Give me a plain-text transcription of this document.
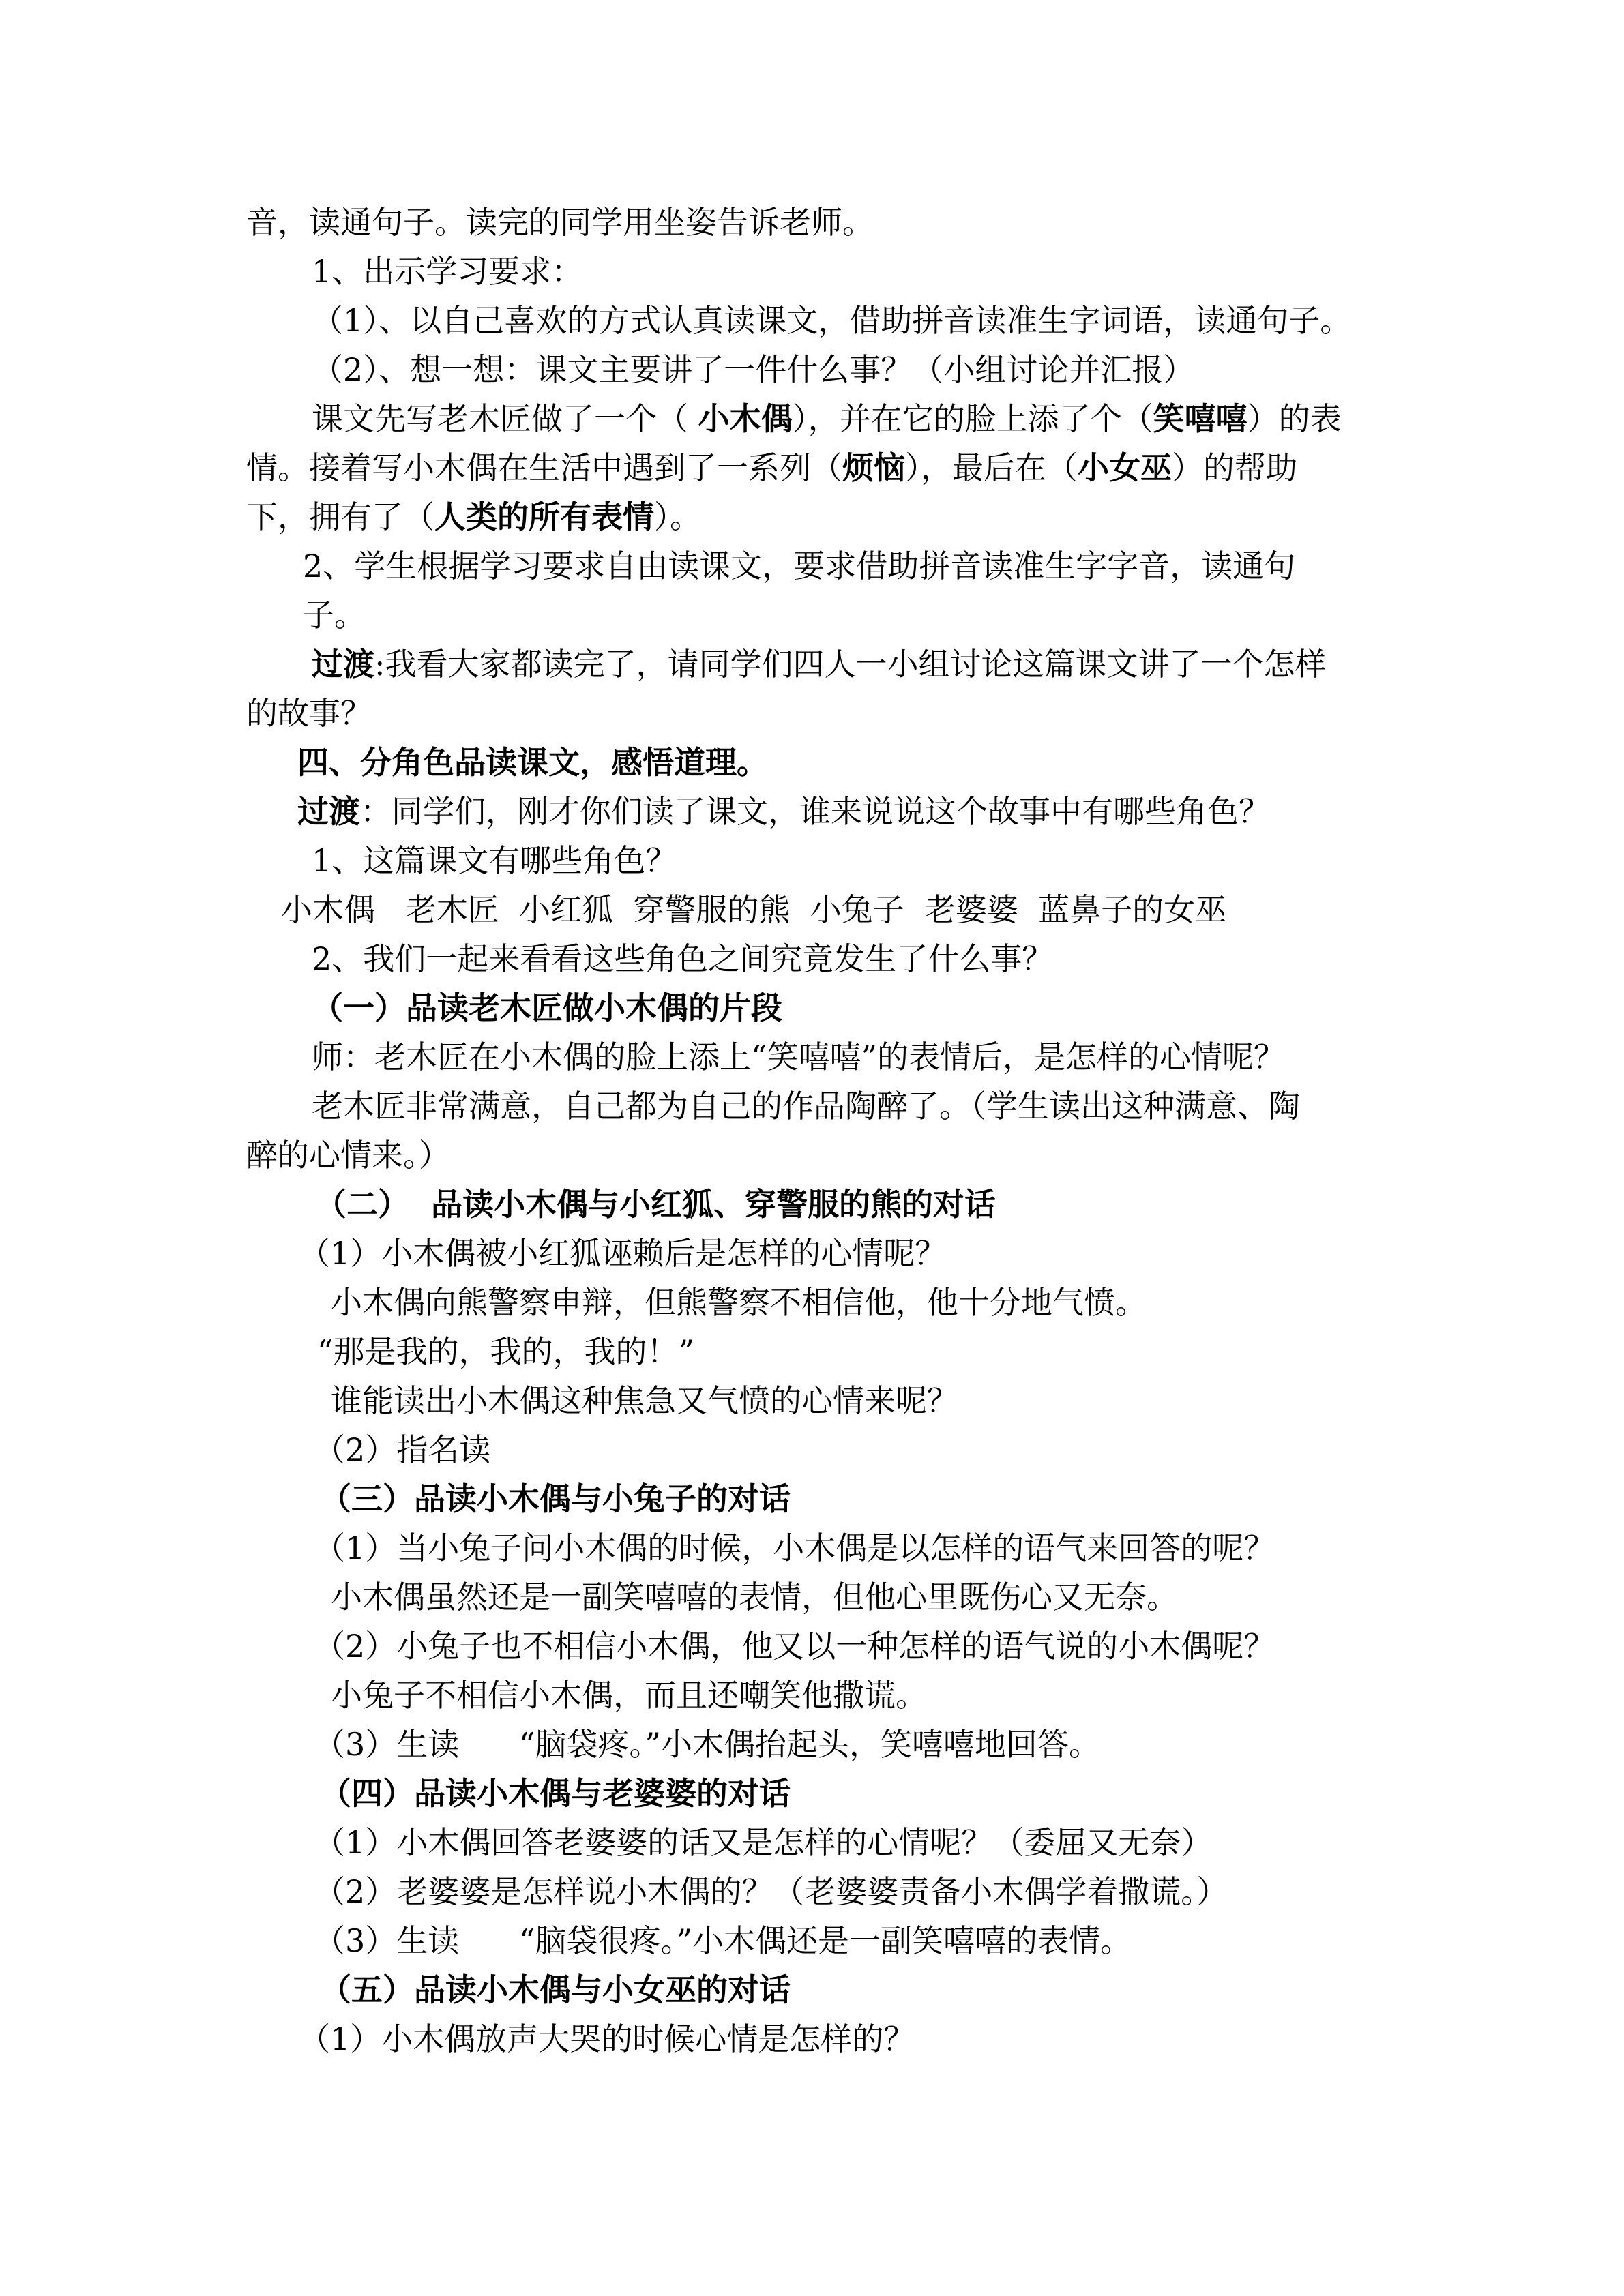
音，读通句子。读完的同学用坐姿告诉老师。
1、出示学习要求：
（1）、以自己喜欢的方式认真读课文，借助拼音读准生字词语，读通句子。
（2）、想一想：课文主要讲了一件什么事？（小组讨论并汇报）
课文先写老木匠做了一个（ 小木偶），并在它的脸上添了个（笑嘻嘻）的表
情。接着写小木偶在生活中遇到了一系列（烦恼），最后在（小女巫）的帮助
下，拥有了（人类的所有表情）。
2、学生根据学习要求自由读课文，要求借助拼音读准生字字音，读通句
子。
过渡:我看大家都读完了，请同学们四人一小组讨论这篇课文讲了一个怎样
的故事？
四、分角色品读课文，感悟道理。
过渡：同学们，刚才你们读了课文，谁来说说这个故事中有哪些角色？
1、这篇课文有哪些角色？
小木偶   老木匠  小红狐  穿警服的熊  小兔子  老婆婆  蓝鼻子的女巫
2、我们一起来看看这些角色之间究竟发生了什么事？
（一）品读老木匠做小木偶的片段
师：老木匠在小木偶的脸上添上“笑嘻嘻”的表情后，是怎样的心情呢？
老木匠非常满意，自己都为自己的作品陶醉了。（学生读出这种满意、陶
醉的心情来。）
（二）  品读小木偶与小红狐、穿警服的熊的对话
（1）小木偶被小红狐诬赖后是怎样的心情呢？
小木偶向熊警察申辩，但熊警察不相信他，他十分地气愤。
“那是我的，我的，我的！”
谁能读出小木偶这种焦急又气愤的心情来呢？
（2）指名读
（三）品读小木偶与小兔子的对话
（1）当小兔子问小木偶的时候，小木偶是以怎样的语气来回答的呢？
小木偶虽然还是一副笑嘻嘻的表情，但他心里既伤心又无奈。
（2）小兔子也不相信小木偶，他又以一种怎样的语气说的小木偶呢？
小兔子不相信小木偶，而且还嘲笑他撒谎。
（3）生读      “脑袋疼。”小木偶抬起头，笑嘻嘻地回答。
（四）品读小木偶与老婆婆的对话
（1）小木偶回答老婆婆的话又是怎样的心情呢？（委屈又无奈）
（2）老婆婆是怎样说小木偶的？（老婆婆责备小木偶学着撒谎。）
（3）生读      “脑袋很疼。”小木偶还是一副笑嘻嘻的表情。
（五）品读小木偶与小女巫的对话
（1）小木偶放声大哭的时候心情是怎样的？
